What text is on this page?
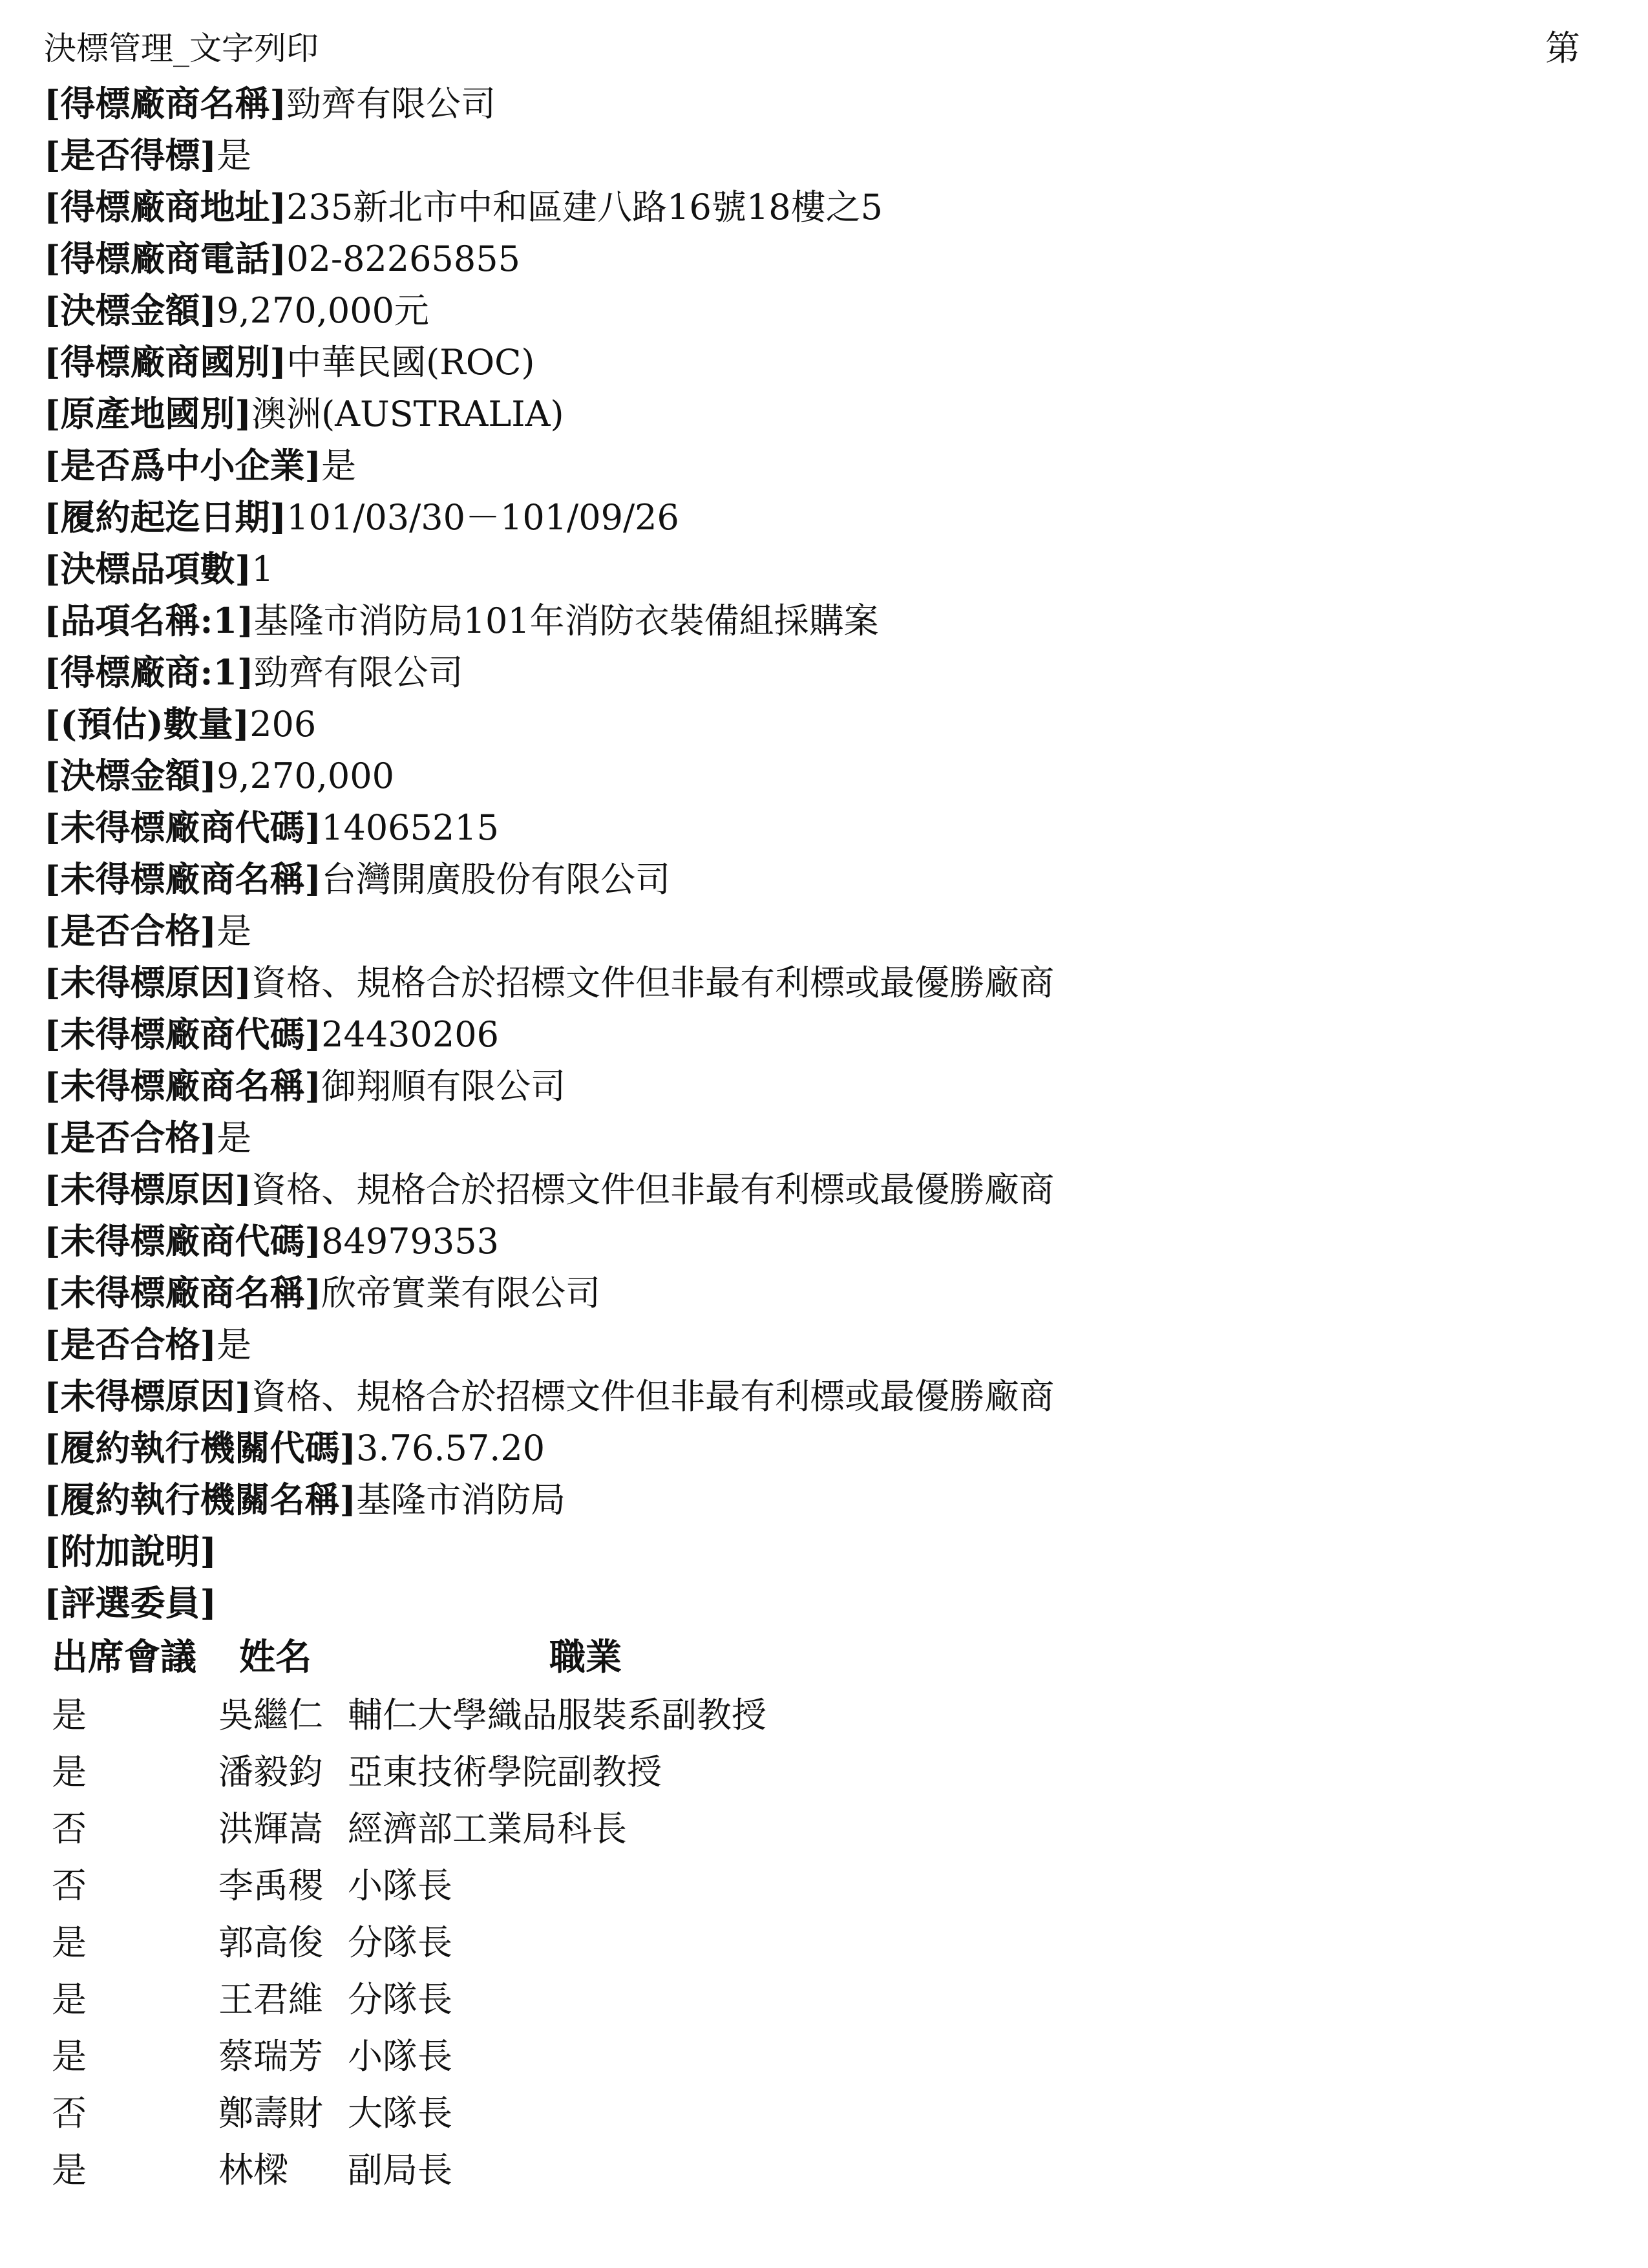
決標管理_文字列印	第
[得標廠商名稱]勁齊有限公司
[是否得標]是
[得標廠商地址]235新北市中和區建八路16號18樓之5
[得標廠商電話]02-82265855
[決標金額]9,270,000元
[得標廠商國別]中華民國(ROC)
[原產地國別]澳洲(AUSTRALIA)
[是否爲中小企業]是
[履約起迄日期]101/03/30－101/09/26
[決標品項數]1
[品項名稱:1]基隆市消防局101年消防衣裝備組採購案
[得標廠商:1]勁齊有限公司
[(預估)數量]206
[決標金額]9,270,000
[未得標廠商代碼]14065215
[未得標廠商名稱]台灣開廣股份有限公司
[是否合格]是
[未得標原因]資格、規格合於招標文件但非最有利標或最優勝廠商
[未得標廠商代碼]24430206
[未得標廠商名稱]御翔順有限公司
[是否合格]是
[未得標原因]資格、規格合於招標文件但非最有利標或最優勝廠商
[未得標廠商代碼]84979353
[未得標廠商名稱]欣帝實業有限公司
[是否合格]是
[未得標原因]資格、規格合於招標文件但非最有利標或最優勝廠商
[履約執行機關代碼]3.76.57.20
[履約執行機關名稱]基隆市消防局
[附加說明]
[評選委員]
出席會議 姓名	職業
是	吳繼仁 輔仁大學織品服裝系副教授
是	潘毅鈞 亞東技術學院副教授
否	洪輝嵩 經濟部工業局科長
否	李禹稷 小隊長
是	郭高俊 分隊長
是	王君維 分隊長
是	蔡瑞芳 小隊長
否	鄭壽財 大隊長
是	林樑 副局長
